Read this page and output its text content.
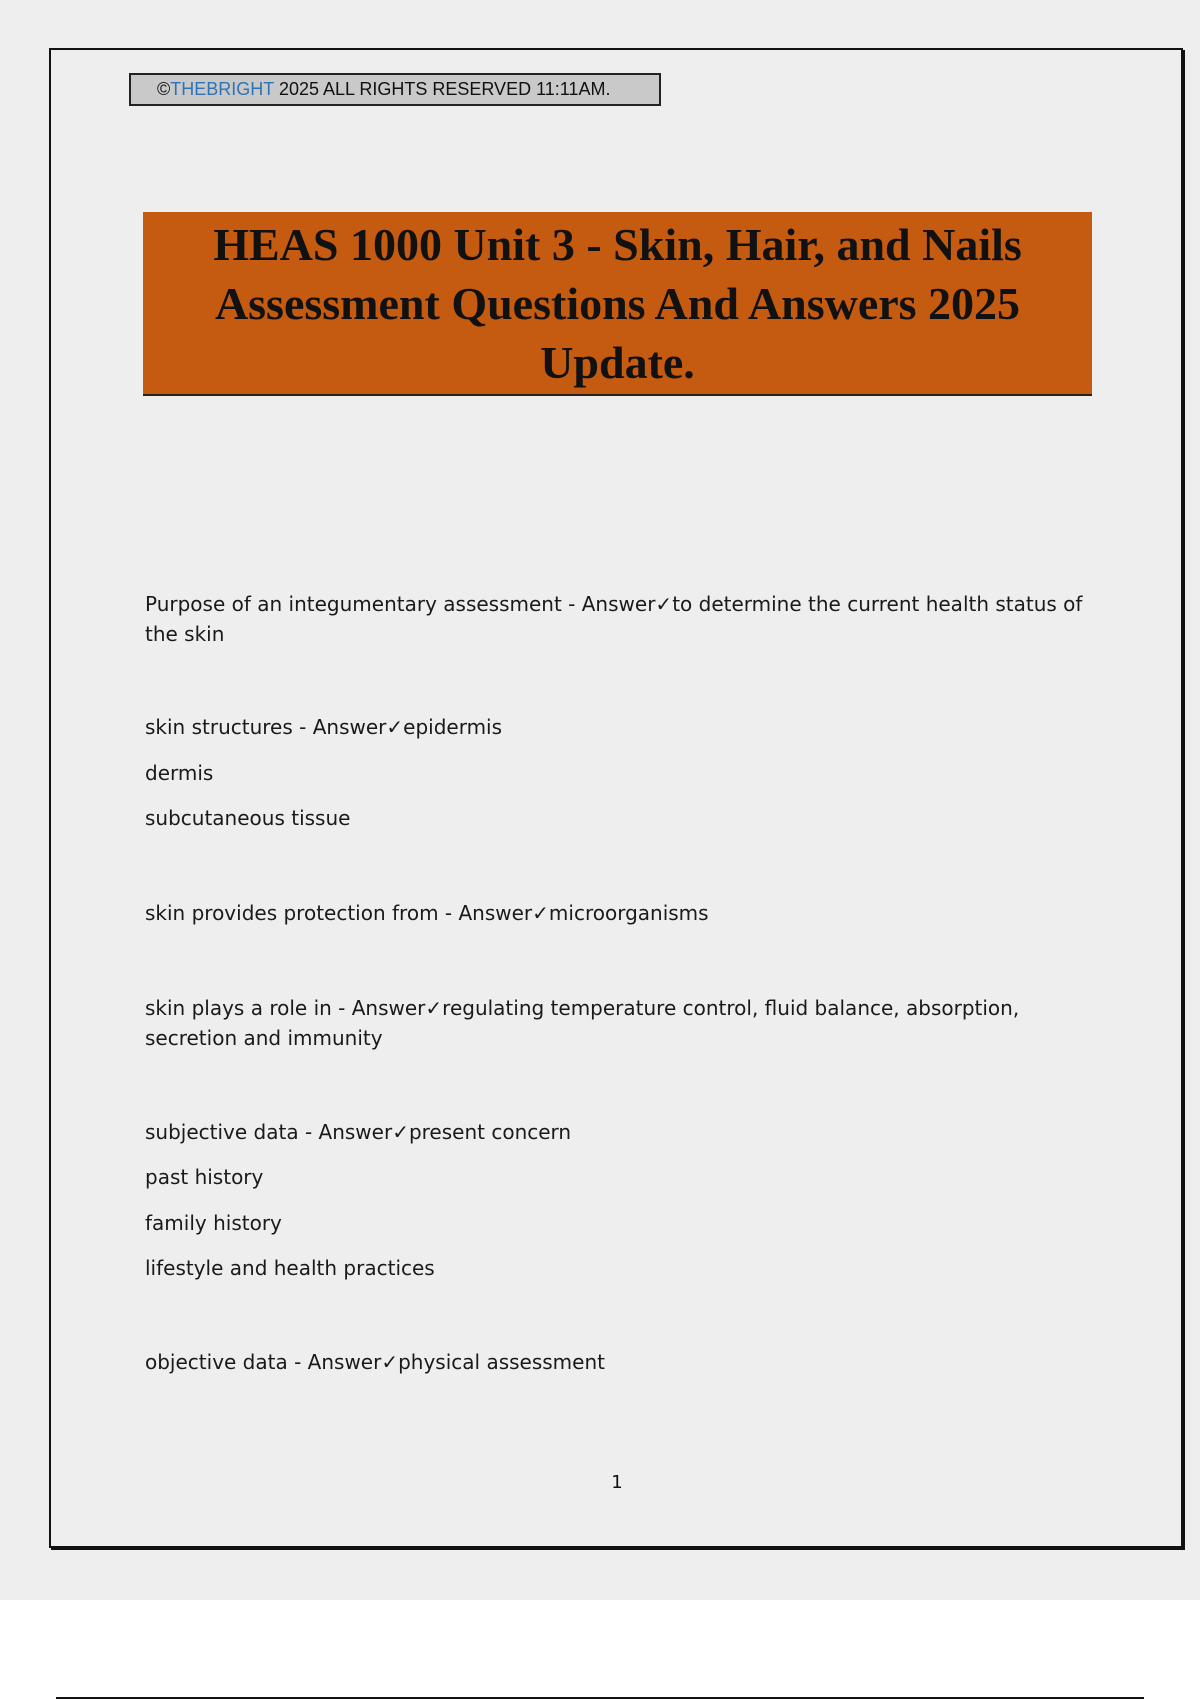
©THEBRIGHT 2025 ALL RIGHTS RESERVED 11:11AM.
HEAS 1000 Unit 3 - Skin, Hair, and Nails Assessment Questions And Answers 2025 Update.

Purpose of an integumentary assessment - Answer✓to determine the current health status of the skin

skin structures - Answer✓epidermis

dermis

subcutaneous tissue

skin provides protection from - Answer✓microorganisms

skin plays a role in - Answer✓regulating temperature control, fluid balance, absorption, secretion and immunity

subjective data - Answer✓present concern

past history

family history

lifestyle and health practices

objective data - Answer✓physical assessment

1
